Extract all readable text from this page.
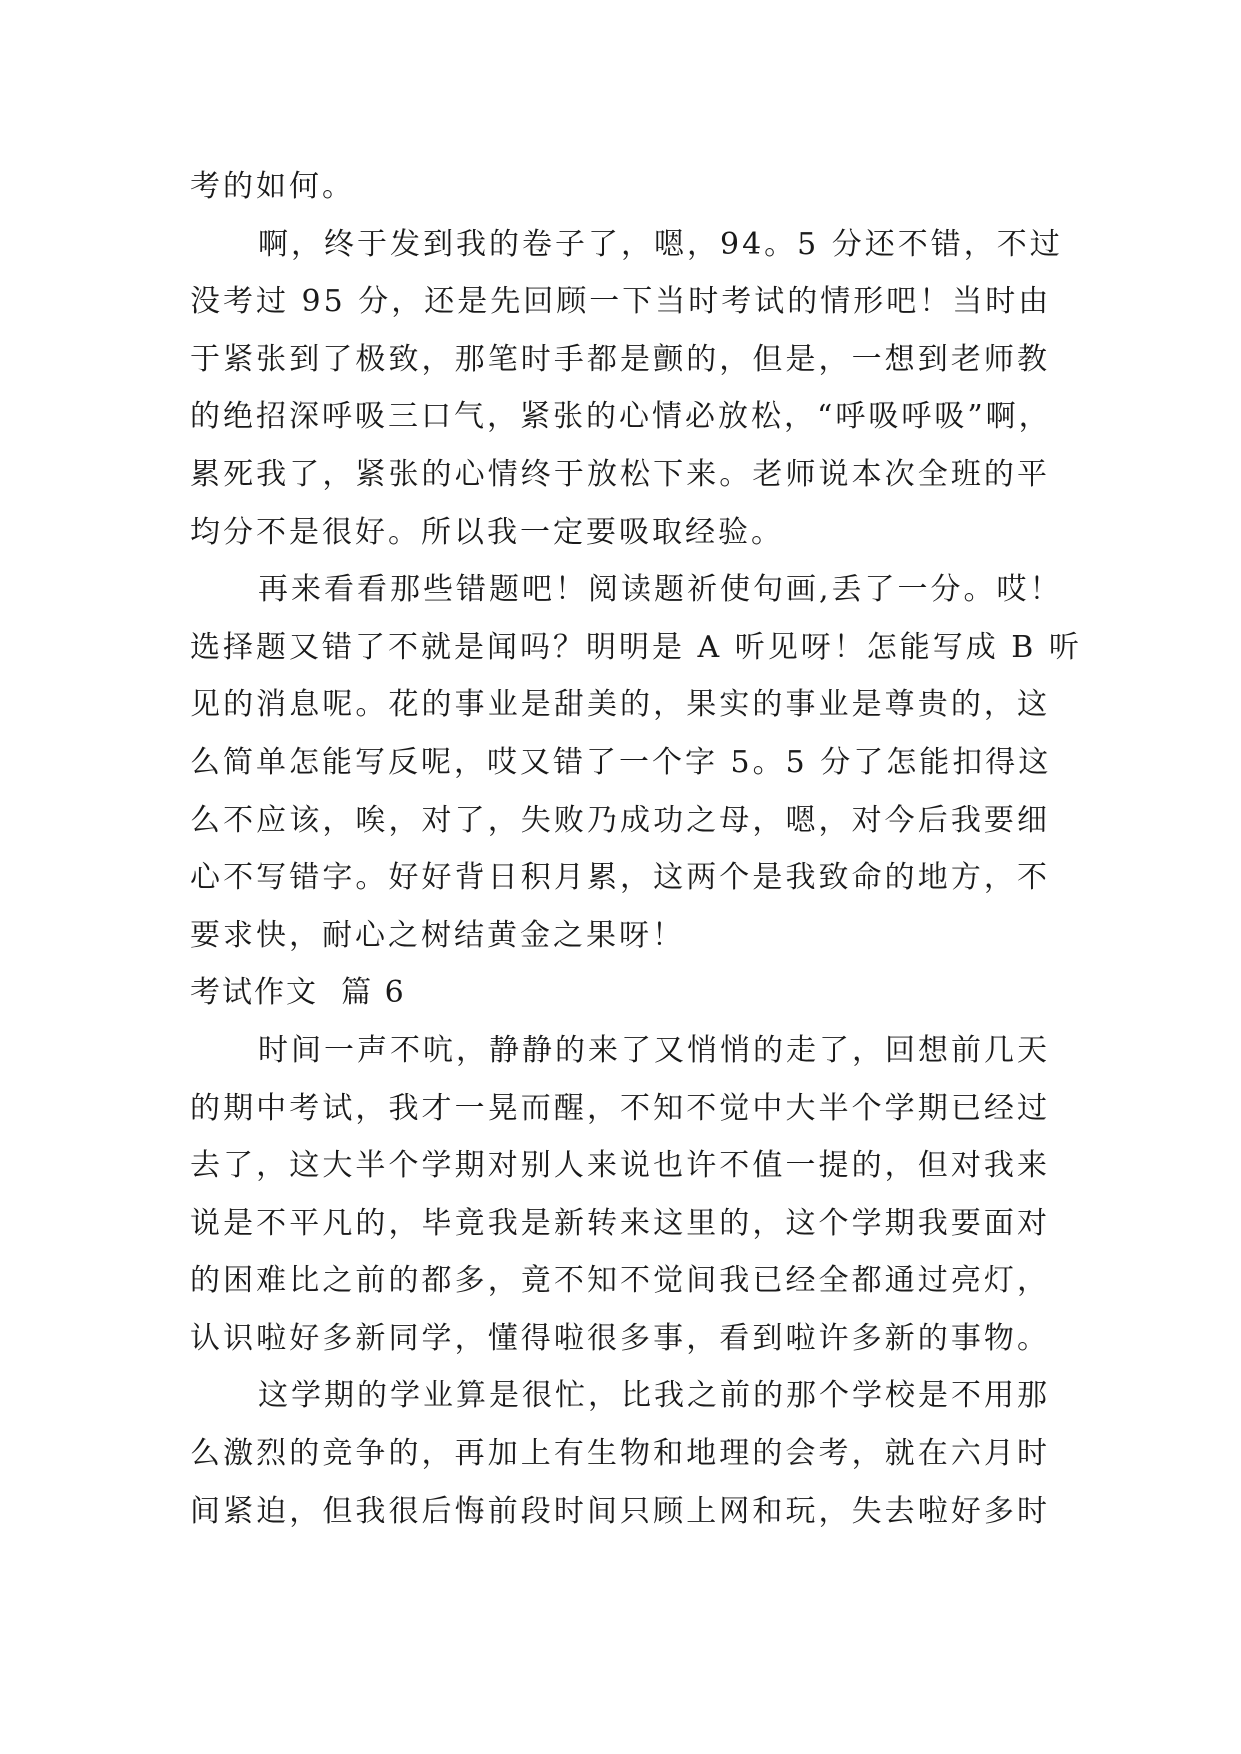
考的如何。
啊，终于发到我的卷子了，嗯，94。5 分还不错，不过
没考过 95 分，还是先回顾一下当时考试的情形吧！当时由
于紧张到了极致，那笔时手都是颤的，但是，一想到老师教
的绝招深呼吸三口气，紧张的心情必放松，“呼吸呼吸”啊，
累死我了，紧张的心情终于放松下来。老师说本次全班的平
均分不是很好。所以我一定要吸取经验。
再来看看那些错题吧！阅读题祈使句画,丢了一分。哎！
选择题又错了不就是闻吗？明明是 A 听见呀！怎能写成 B 听
见的消息呢。花的事业是甜美的，果实的事业是尊贵的，这
么简单怎能写反呢，哎又错了一个字 5。5 分了怎能扣得这
么不应该，唉，对了，失败乃成功之母，嗯，对今后我要细
心不写错字。好好背日积月累，这两个是我致命的地方，不
要求快，耐心之树结黄金之果呀！
考试作文  篇 6
时间一声不吭，静静的来了又悄悄的走了，回想前几天
的期中考试，我才一晃而醒，不知不觉中大半个学期已经过
去了，这大半个学期对别人来说也许不值一提的，但对我来
说是不平凡的，毕竟我是新转来这里的，这个学期我要面对
的困难比之前的都多，竟不知不觉间我已经全都通过亮灯，
认识啦好多新同学，懂得啦很多事，看到啦许多新的事物。
这学期的学业算是很忙，比我之前的那个学校是不用那
么激烈的竞争的，再加上有生物和地理的会考，就在六月时
间紧迫，但我很后悔前段时间只顾上网和玩，失去啦好多时
